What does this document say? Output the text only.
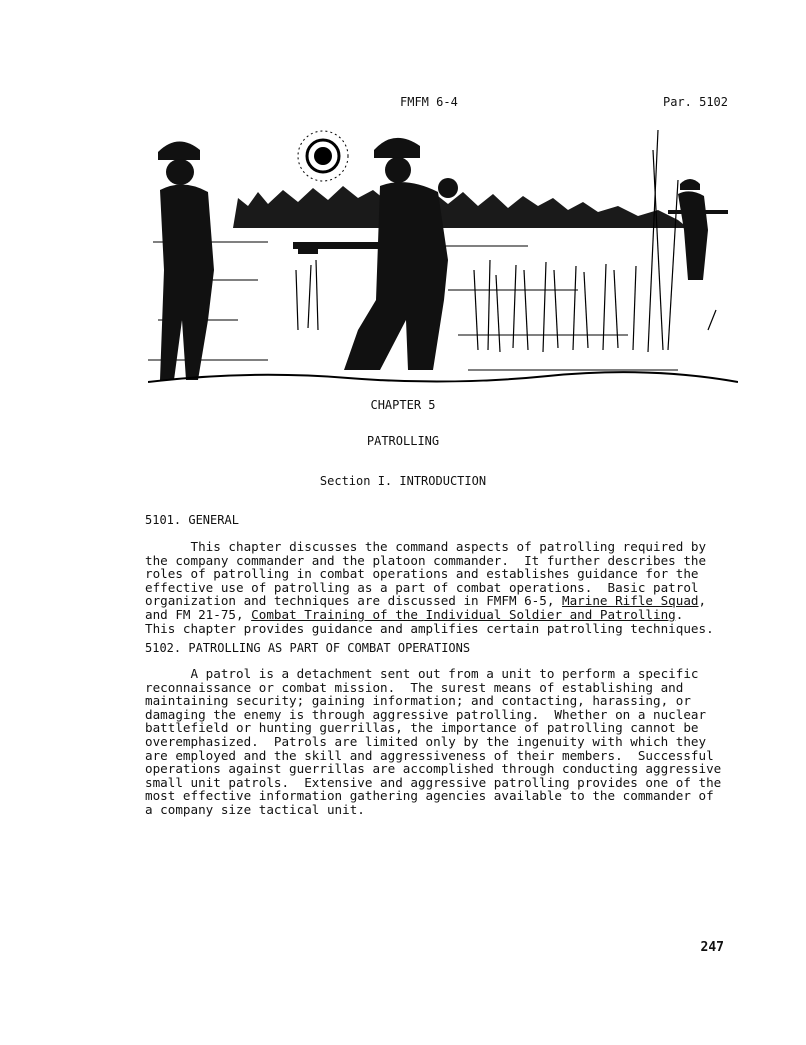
FMFM 6-4	Par. 5102
CHAPTER 5
PATROLLING
Section I. INTRODUCTION
5101. GENERAL

This chapter discusses the command aspects of patrolling required by
the company commander and the platoon commander.  It further describes the
roles of patrolling in combat operations and establishes guidance for the
effective use of patrolling as a part of combat operations.  Basic patrol
organization and techniques are discussed in FMFM 6-5, Marine Rifle Squad,
and FM 21-75, Combat Training of the Individual Soldier and Patrolling.
This chapter provides guidance and amplifies certain patrolling techniques.

5102. PATROLLING AS PART OF COMBAT OPERATIONS

A patrol is a detachment sent out from a unit to perform a specific
reconnaissance or combat mission.  The surest means of establishing and
maintaining security; gaining information; and contacting, harassing, or
damaging the enemy is through aggressive patrolling.  Whether on a nuclear
battlefield or hunting guerrillas, the importance of patrolling cannot be
overemphasized.  Patrols are limited only by the ingenuity with which they
are employed and the skill and aggressiveness of their members.  Successful
operations against guerrillas are accomplished through conducting aggressive
small unit patrols.  Extensive and aggressive patrolling provides one of the
most effective information gathering agencies available to the commander of
a company size tactical unit.

247
